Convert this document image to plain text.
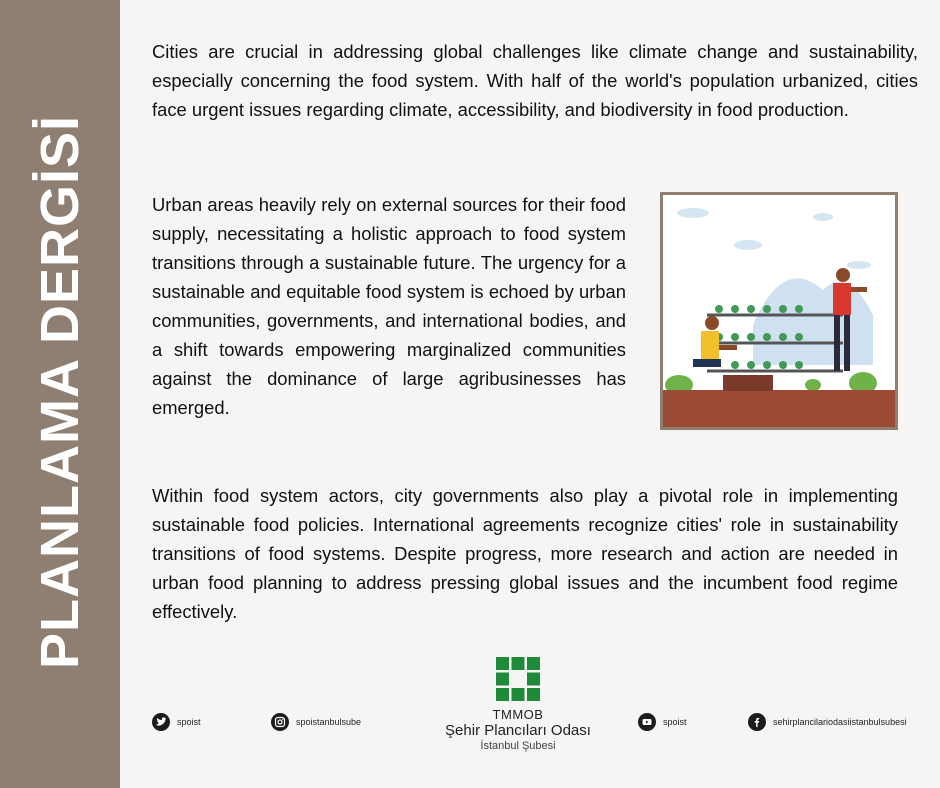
PLANLAMA DERGİSİ

Cities are crucial in addressing global challenges like climate change and sustainability, especially concerning the food system. With half of the world's population urbanized, cities face urgent issues regarding climate, accessibility, and biodiversity in food production.

Urban areas heavily rely on external sources for their food supply, necessitating a holistic approach to food system transitions through a sustainable future. The urgency for a sustainable and equitable food system is echoed by urban communities, governments, and international bodies, and a shift towards empowering marginalized communities against the dominance of large agribusinesses has emerged.

Within food system actors, city governments also play a pivotal role in implementing sustainable food policies. International agreements recognize cities' role in sustainability transitions of food systems. Despite progress, more research and action are needed in urban food planning to address pressing global issues and the incumbent food regime effectively.

spoist	spoistanbulsube	TMMOB
Şehir Plancıları Odası
İstanbul Şubesi
spoist	sehirplancilariodasiistanbulsubesi
